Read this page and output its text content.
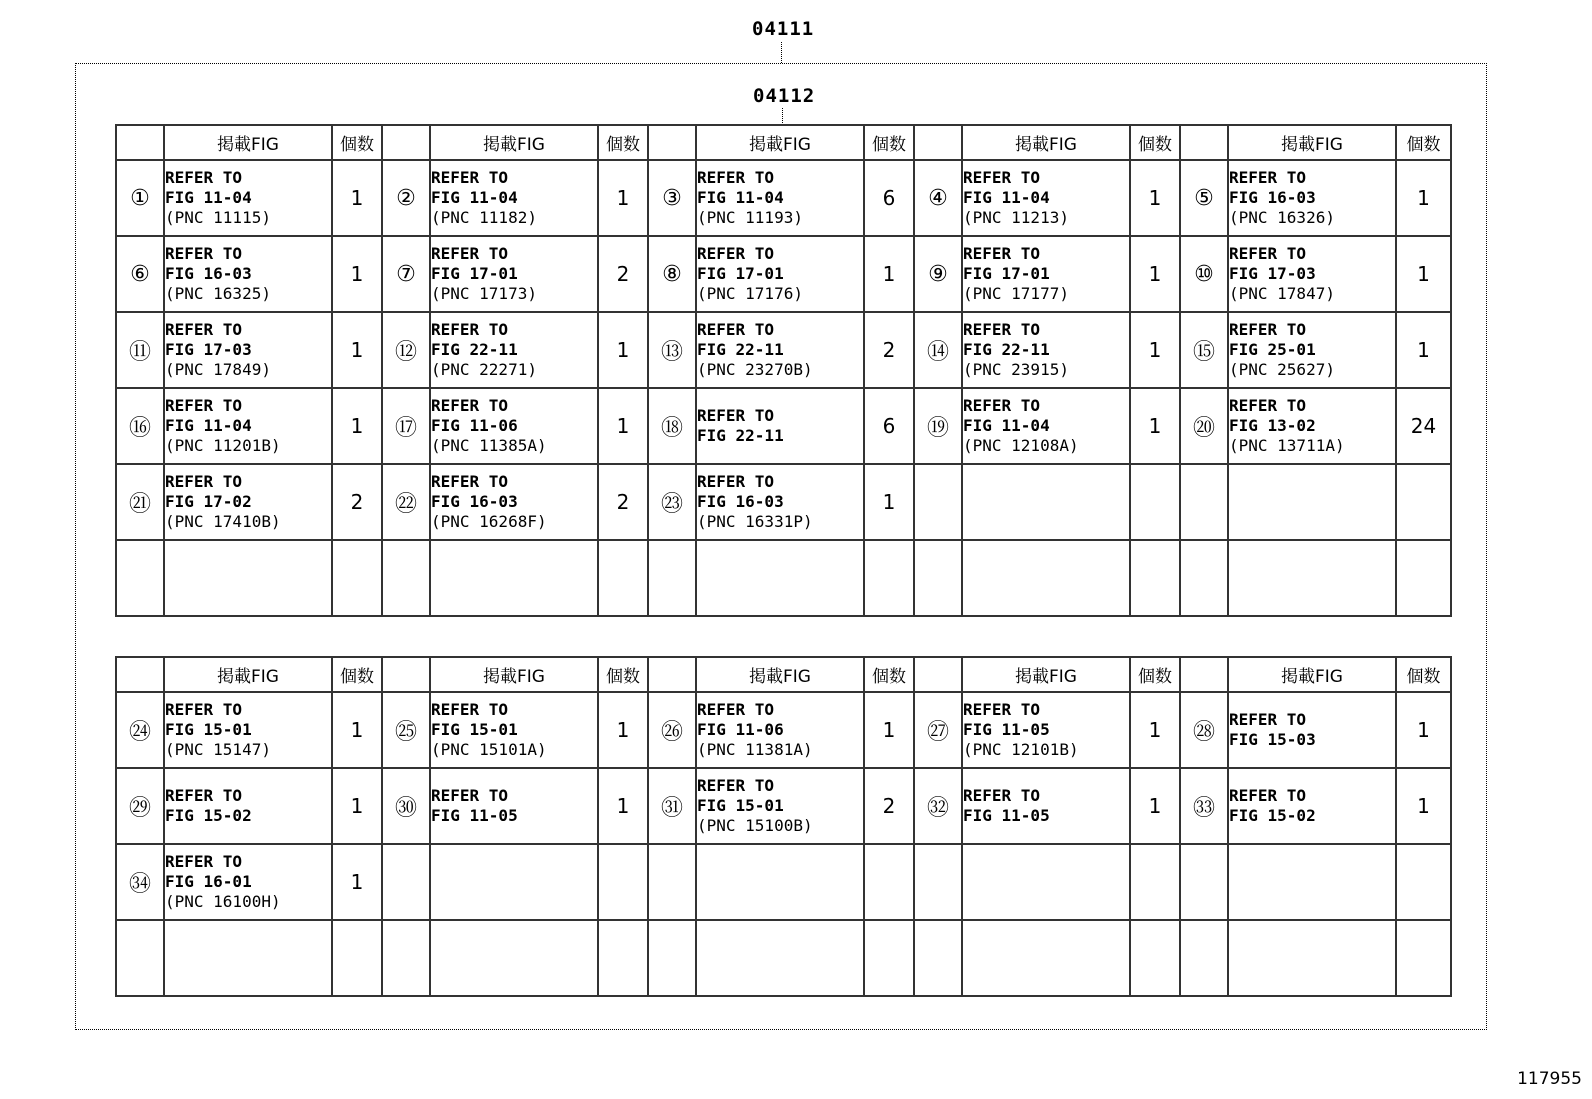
04111
04112
	掲載FIG	個数		掲載FIG	個数		掲載FIG	個数		掲載FIG	個数		掲載FIG	個数
①	REFER TO
FIG 11-04
(PNC 11115)	1	②	REFER TO
FIG 11-04
(PNC 11182)	1	③	REFER TO
FIG 11-04
(PNC 11193)	6	④	REFER TO
FIG 11-04
(PNC 11213)	1	⑤	REFER TO
FIG 16-03
(PNC 16326)	1
⑥	REFER TO
FIG 16-03
(PNC 16325)	1	⑦	REFER TO
FIG 17-01
(PNC 17173)	2	⑧	REFER TO
FIG 17-01
(PNC 17176)	1	⑨	REFER TO
FIG 17-01
(PNC 17177)	1	⑩	REFER TO
FIG 17-03
(PNC 17847)	1
⑪	REFER TO
FIG 17-03
(PNC 17849)	1	⑫	REFER TO
FIG 22-11
(PNC 22271)	1	⑬	REFER TO
FIG 22-11
(PNC 23270B)	2	⑭	REFER TO
FIG 22-11
(PNC 23915)	1	⑮	REFER TO
FIG 25-01
(PNC 25627)	1
⑯	REFER TO
FIG 11-04
(PNC 11201B)	1	⑰	REFER TO
FIG 11-06
(PNC 11385A)	1	⑱	REFER TO
FIG 22-11	6	⑲	REFER TO
FIG 11-04
(PNC 12108A)	1	⑳	REFER TO
FIG 13-02
(PNC 13711A)	24
㉑	REFER TO
FIG 17-02
(PNC 17410B)	2	㉒	REFER TO
FIG 16-03
(PNC 16268F)	2	㉓	REFER TO
FIG 16-03
(PNC 16331P)	1		

	掲載FIG	個数		掲載FIG	個数		掲載FIG	個数		掲載FIG	個数		掲載FIG	個数
㉔	REFER TO
FIG 15-01
(PNC 15147)	1	㉕	REFER TO
FIG 15-01
(PNC 15101A)	1	㉖	REFER TO
FIG 11-06
(PNC 11381A)	1	㉗	REFER TO
FIG 11-05
(PNC 12101B)	1	㉘	REFER TO
FIG 15-03	1
㉙	REFER TO
FIG 15-02	1	㉚	REFER TO
FIG 11-05	1	㉛	REFER TO
FIG 15-01
(PNC 15100B)	2	㉜	REFER TO
FIG 11-05	1	㉝	REFER TO
FIG 15-02	1
㉞	REFER TO
FIG 16-01
(PNC 16100H)	1		

117955
